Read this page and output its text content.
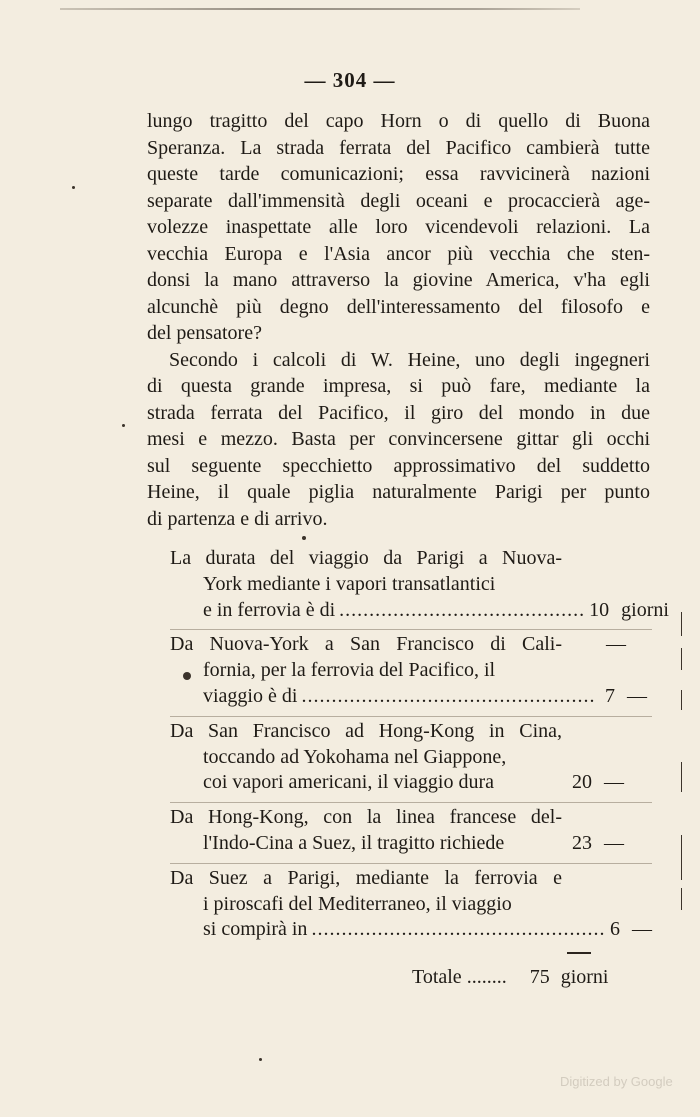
— 304 —

lungo tragitto del capo Horn o di quello di Buona
Speranza. La strada ferrata del Pacifico cambierà tutte
queste tarde comunicazioni; essa ravvicinerà nazioni
separate dall'immensità degli oceani e procaccierà age-
volezze inaspettate alle loro vicendevoli relazioni. La
vecchia Europa e l'Asia ancor più vecchia che sten-
donsi la mano attraverso la giovine America, v'ha egli
alcunchè più degno dell'interessamento del filosofo e
del pensatore?

Secondo i calcoli di W. Heine, uno degli ingegneri
di questa grande impresa, si può fare, mediante la
strada ferrata del Pacifico, il giro del mondo in due
mesi e mezzo. Basta per convincersene gittar gli occhi
sul seguente specchietto approssimativo del suddetto
Heine, il quale piglia naturalmente Parigi per punto
di partenza e di arrivo.

La durata del viaggio da Parigi a Nuova-
York mediante i vapori transatlantici
e in ferrovia è di ......................................... 10 giorni
—
Da Nuova-York a San Francisco di Cali-
fornia, per la ferrovia del Pacifico, il
viaggio è di ................................................. 7 —
Da San Francisco ad Hong-Kong in Cina,
toccando ad Yokohama nel Giappone,
coi vapori americani, il viaggio dura	20 —
Da Hong-Kong, con la linea francese del-
l'Indo-Cina a Suez, il tragitto richiede	23 —
Da Suez a Parigi, mediante la ferrovia e
i piroscafi del Mediterraneo, il viaggio
si compirà in ................................................. 6 —
Totale ........ 75 giorni
Digitized by Google
